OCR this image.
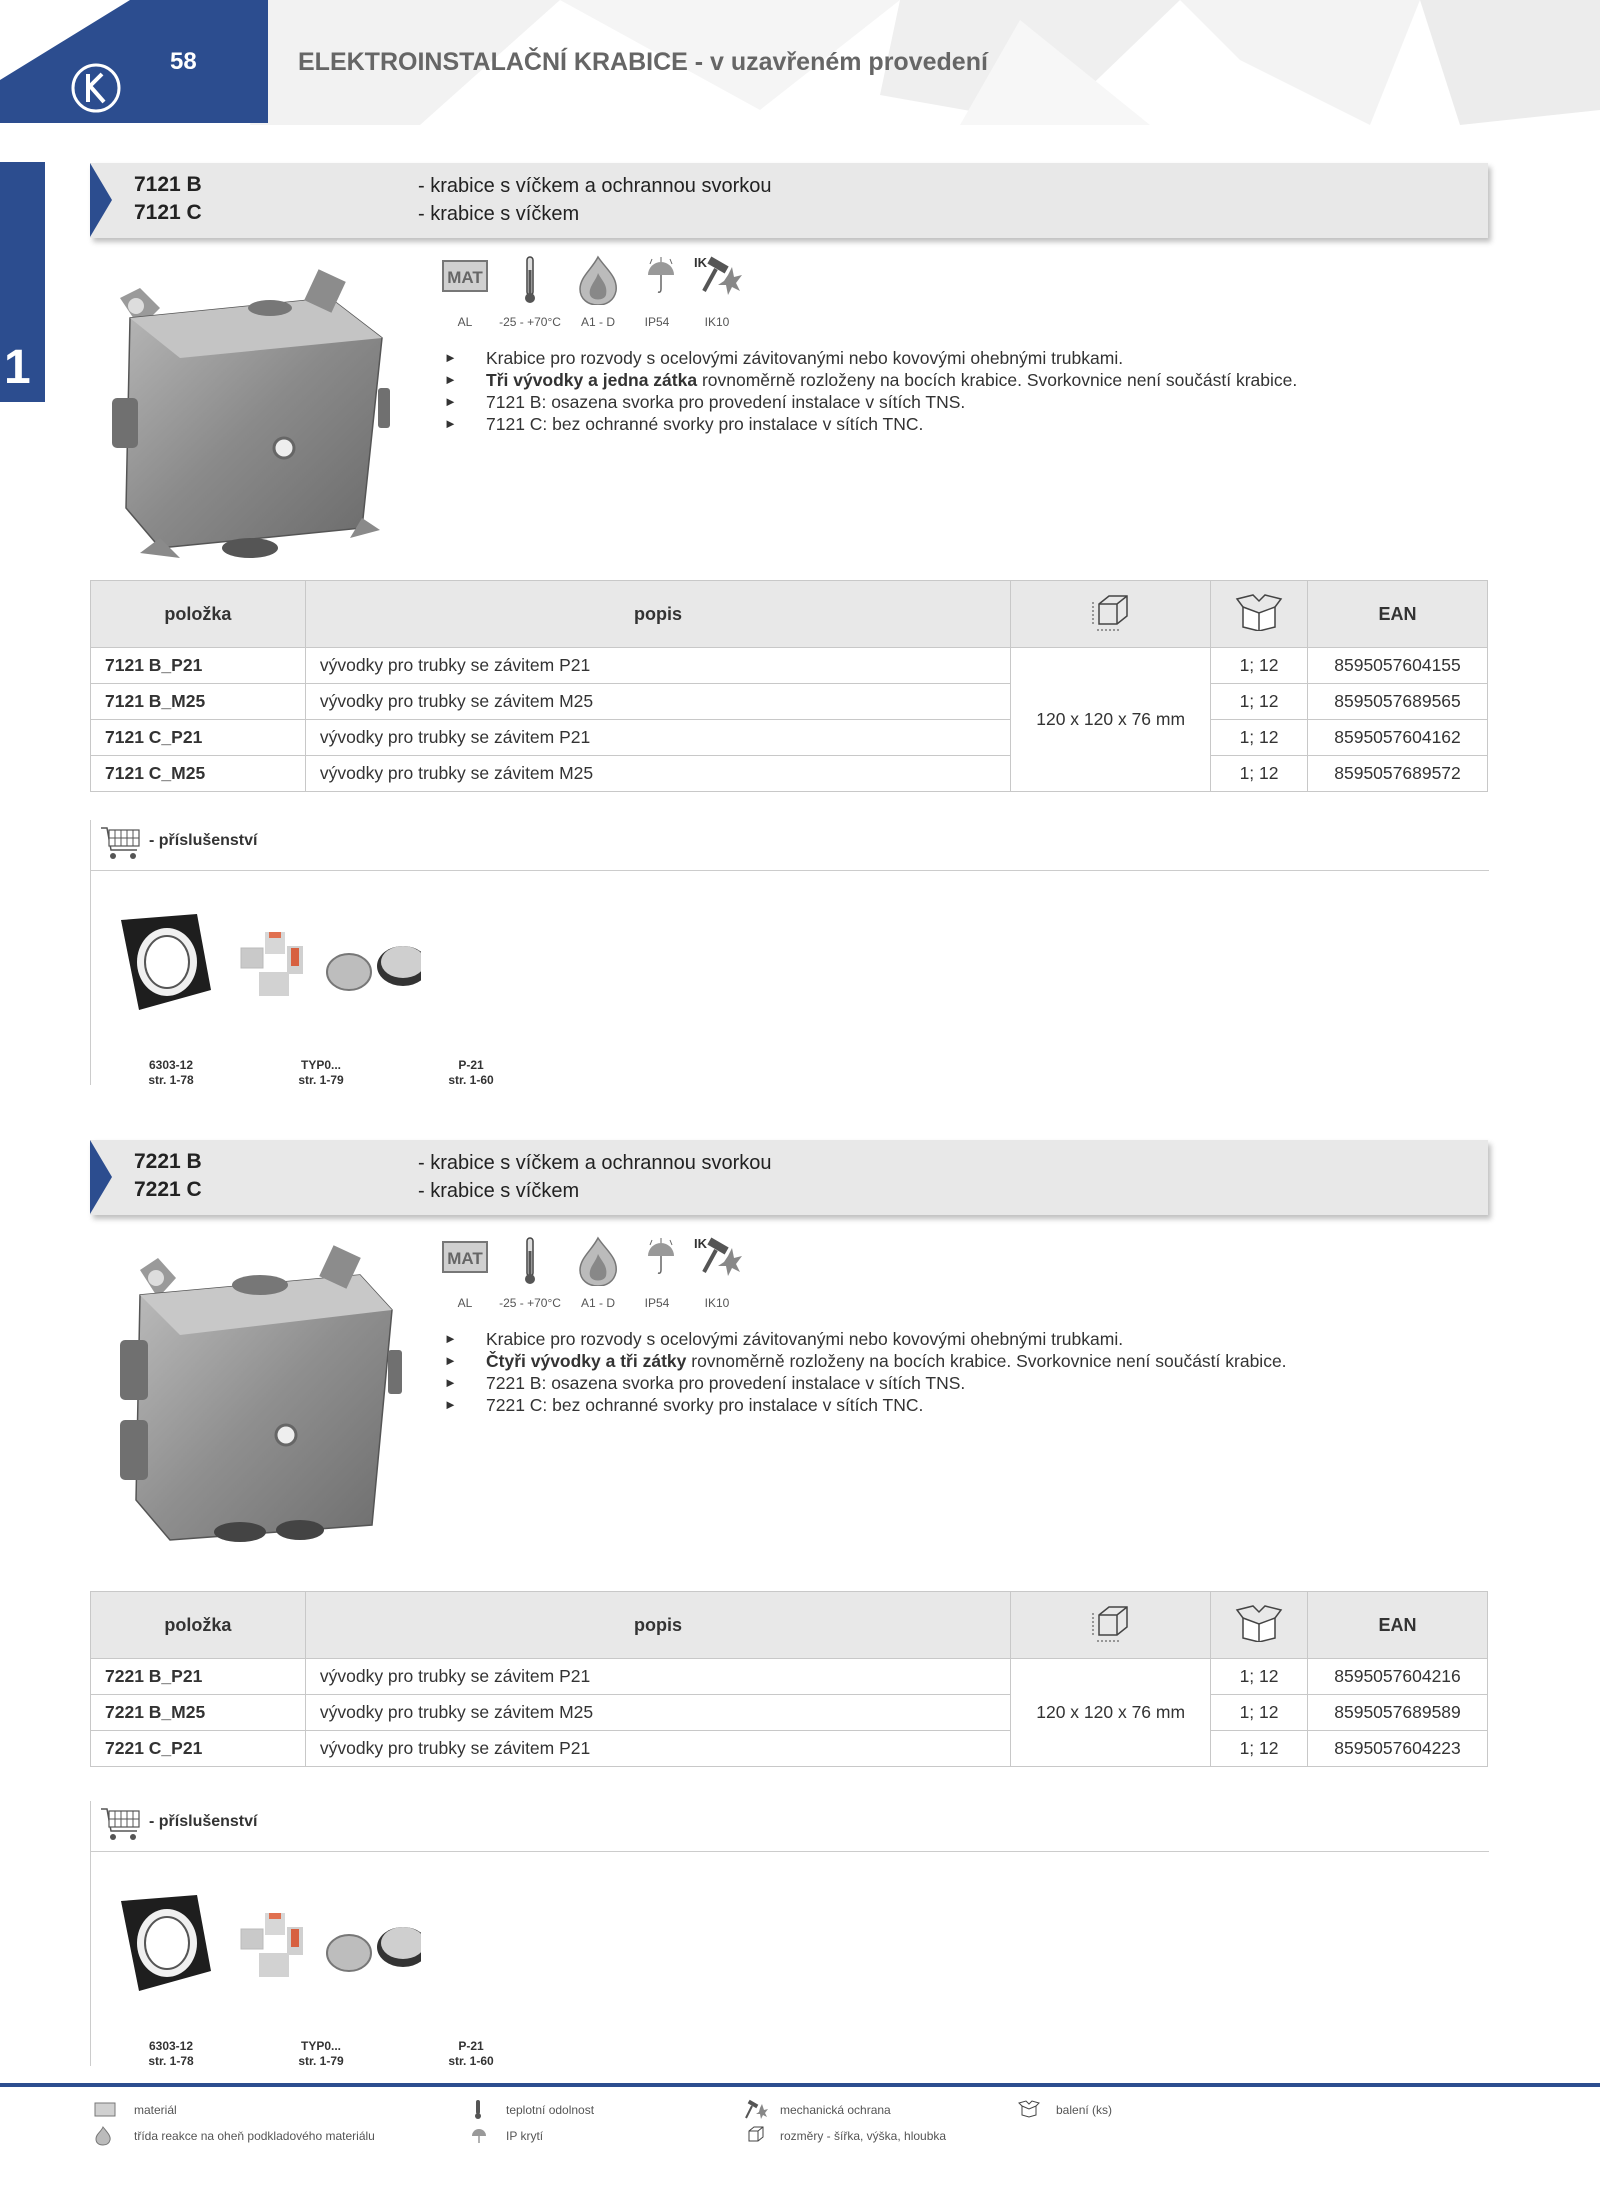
58	ELEKTROINSTALAČNÍ KRABICE - v uzavřeném provedení
1
7121 B
7121 C
- krabice s víčkem a ochrannou svorkou
- krabice s víčkem
MAT
IK
AL	-25 - +70°C	A1 - D	IP54	IK10
► Krabice pro rozvody s ocelovými závitovanými nebo kovovými ohebnými trubkami.
► Tři vývodky a jedna zátka rovnoměrně rozloženy na bocích krabice. Svorkovnice není součástí krabice.
► 7121 B: osazena svorka pro provedení instalace v sítích TNS.
► 7121 C: bez ochranné svorky pro instalace v sítích TNC.
položka	popis			EAN
7121 B_P21	vývodky pro trubky se závitem P21	120 x 120 x 76 mm	1; 12	8595057604155
7121 B_M25	vývodky pro trubky se závitem M25		1; 12	8595057689565
7121 C_P21	vývodky pro trubky se závitem P21		1; 12	8595057604162
7121 C_M25	vývodky pro trubky se závitem M25		1; 12	8595057689572
- příslušenství
6303-12
str. 1-78
TYP0...
str. 1-79
P-21
str. 1-60
7221 B
7221 C
- krabice s víčkem a ochrannou svorkou
- krabice s víčkem
MAT
IK
AL	-25 - +70°C	A1 - D	IP54	IK10
► Krabice pro rozvody s ocelovými závitovanými nebo kovovými ohebnými trubkami.
► Čtyři vývodky a tři zátky rovnoměrně rozloženy na bocích krabice. Svorkovnice není součástí krabice.
► 7221 B: osazena svorka pro provedení instalace v sítích TNS.
► 7221 C: bez ochranné svorky pro instalace v sítích TNC.
položka	popis			EAN
7221 B_P21	vývodky pro trubky se závitem P21	120 x 120 x 76 mm	1; 12	8595057604216
7221 B_M25	vývodky pro trubky se závitem M25		1; 12	8595057689589
7221 C_P21	vývodky pro trubky se závitem P21		1; 12	8595057604223
- příslušenství
6303-12
str. 1-78
TYP0...
str. 1-79
P-21
str. 1-60
materiál
třída reakce na oheň podkladového materiálu
teplotní odolnost
IP krytí
mechanická ochrana
rozměry - šířka, výška, hloubka
balení (ks)
